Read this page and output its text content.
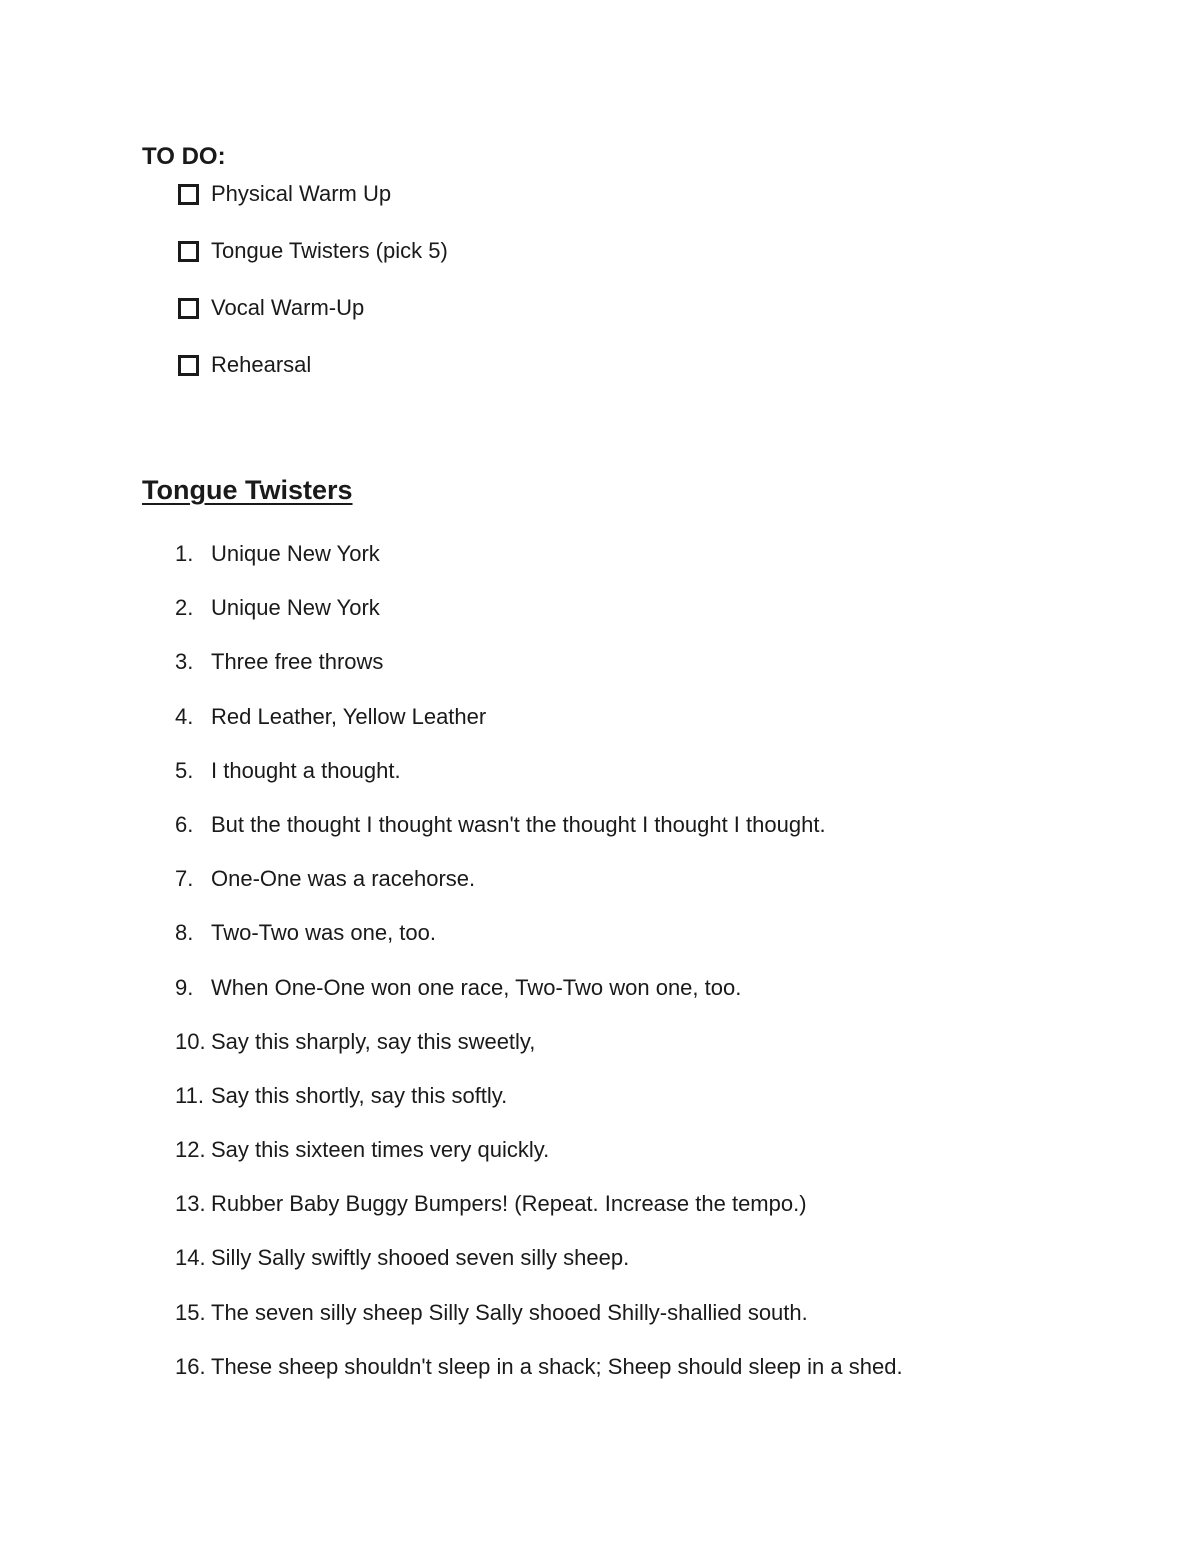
TO DO:
Physical Warm Up
Tongue Twisters (pick 5)
Vocal Warm-Up
Rehearsal
Tongue Twisters
1. Unique New York
2. Unique New York
3. Three free throws
4. Red Leather, Yellow Leather
5. I thought a thought.
6. But the thought I thought wasn't the thought I thought I thought.
7. One-One was a racehorse.
8. Two-Two was one, too.
9. When One-One won one race, Two-Two won one, too.
10. Say this sharply, say this sweetly,
11. Say this shortly, say this softly.
12. Say this sixteen times very quickly.
13. Rubber Baby Buggy Bumpers! (Repeat. Increase the tempo.)
14. Silly Sally swiftly shooed seven silly sheep.
15. The seven silly sheep Silly Sally shooed Shilly-shallied south.
16. These sheep shouldn't sleep in a shack; Sheep should sleep in a shed.
